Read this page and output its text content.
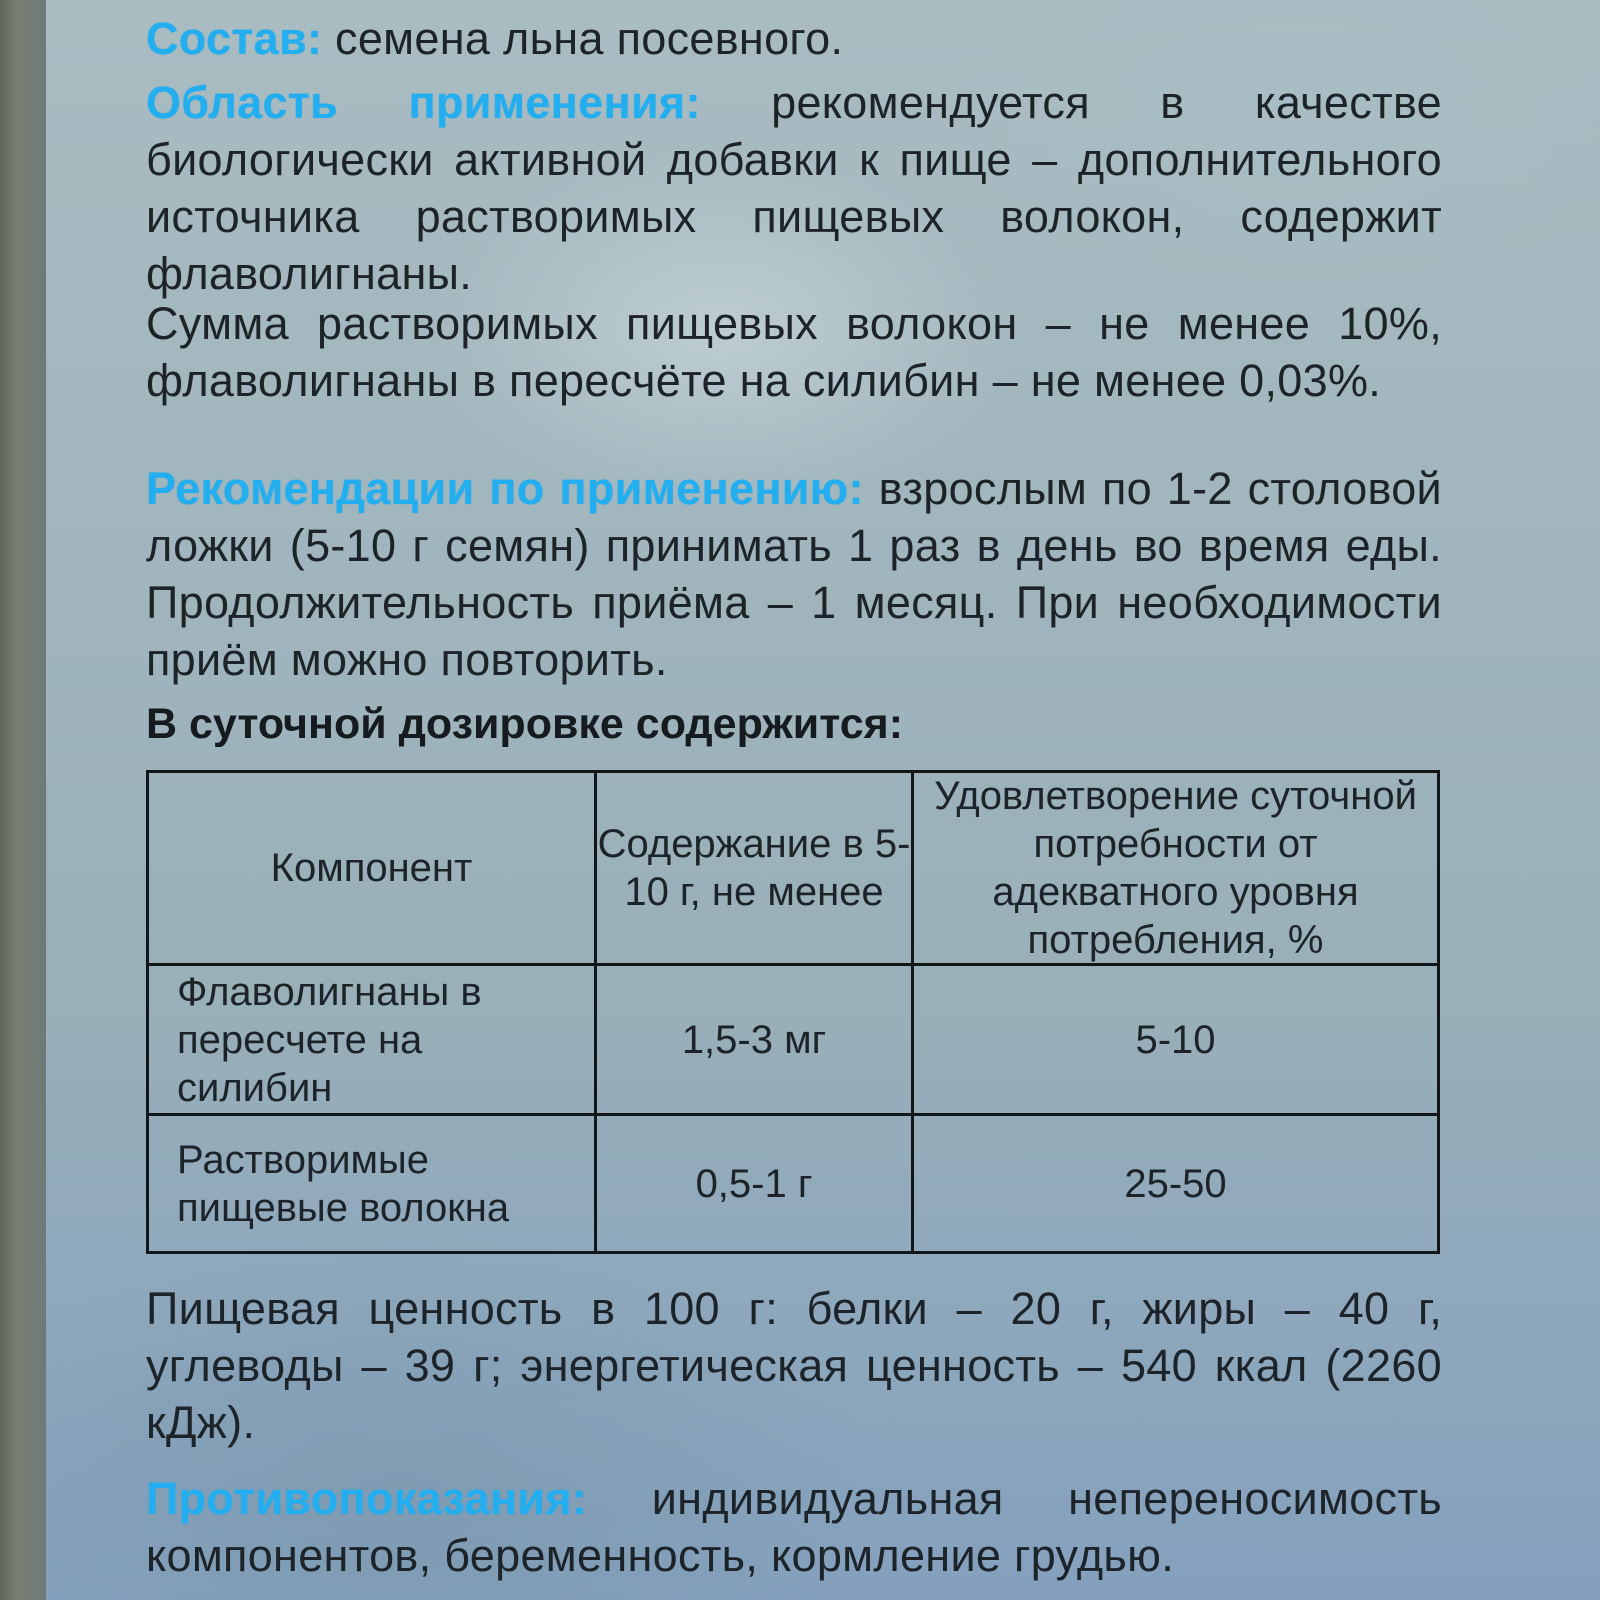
Состав: семена льна посевного.

Область применения: рекомендуется в качестве биологически активной добавки к пище – дополнительного источника растворимых пищевых волокон, содержит флаволигнаны.

Сумма растворимых пищевых волокон – не менее 10%, флаволигнаны в пересчёте на силибин – не менее 0,03%.

Рекомендации по применению: взрослым по 1-2 столовой ложки (5-10 г семян) принимать 1 раз в день во время еды. Продолжительность приёма – 1 месяц. При необходимости приём можно повторить.

В суточной дозировке содержится:

Компонент
Содержание в 5-10 г, не менее
Удовлетворение суточной потребности от адекватного уровня потребления, %
Флаволигнаны в пересчете на силибин
1,5-3 мг	5-10
Растворимые пищевые волокна
0,5-1 г	25-50

Пищевая ценность в 100 г: белки – 20 г, жиры – 40 г, углеводы – 39 г; энергетическая ценность – 540 ккал (2260 кДж).

Противопоказания: индивидуальная непереносимость компонентов, беременность, кормление грудью.
